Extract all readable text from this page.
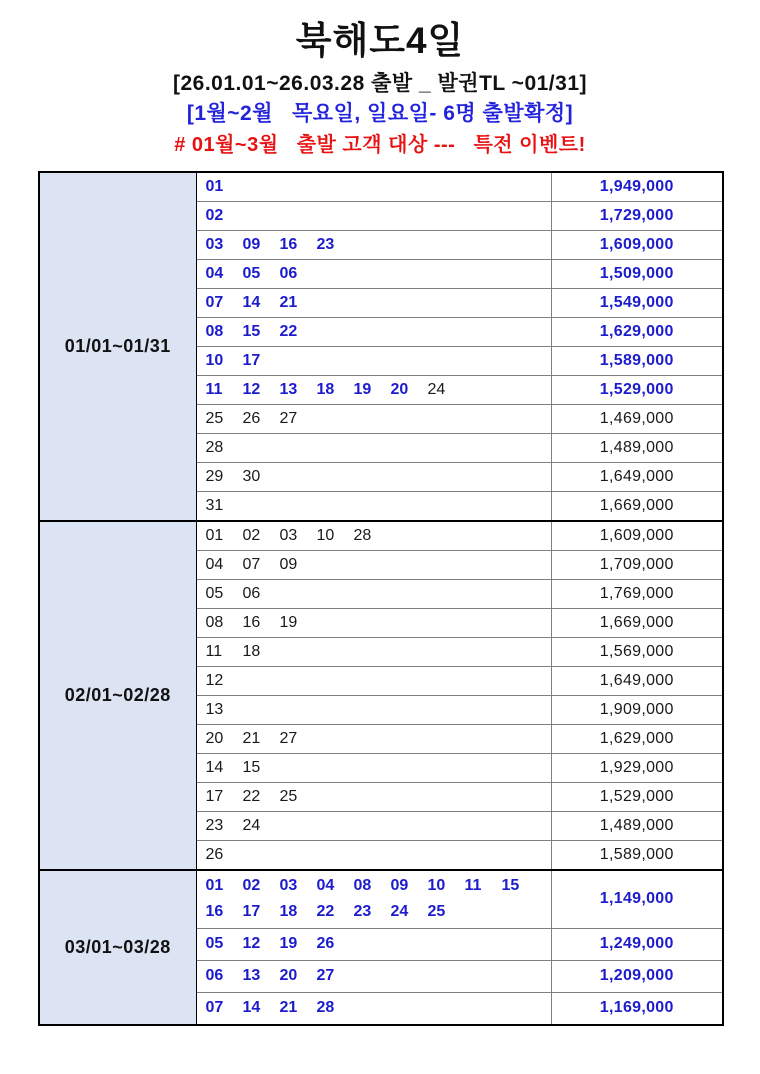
북해도4일
[26.01.01~26.03.28 출발 _ 발권TL ~01/31]
[1월~2월   목요일, 일요일- 6명 출발확정]
# 01월~3월   출발 고객 대상 ---   특전 이벤트!
01/01~01/31	01	1,949,000
	02	1,729,000
	03 09 16 23	1,609,000
	04 05 06	1,509,000
	07 14 21	1,549,000
	08 15 22	1,629,000
	10 17	1,589,000
	11 12 13 18 19 20 24	1,529,000
	25 26 27	1,469,000
	28	1,489,000
	29 30	1,649,000
	31	1,669,000
02/01~02/28	01 02 03 10 28	1,609,000
	04 07 09	1,709,000
	05 06	1,769,000
	08 16 19	1,669,000
	11 18	1,569,000
	12	1,649,000
	13	1,909,000
	20 21 27	1,629,000
	14 15	1,929,000
	17 22 25	1,529,000
	23 24	1,489,000
	26	1,589,000
03/01~03/28	01 02 03 04 08 09 10 11 1516 17 18 22 23 24 25	1,149,000
	05 12 19 26	1,249,000
	06 13 20 27	1,209,000
	07 14 21 28	1,169,000
